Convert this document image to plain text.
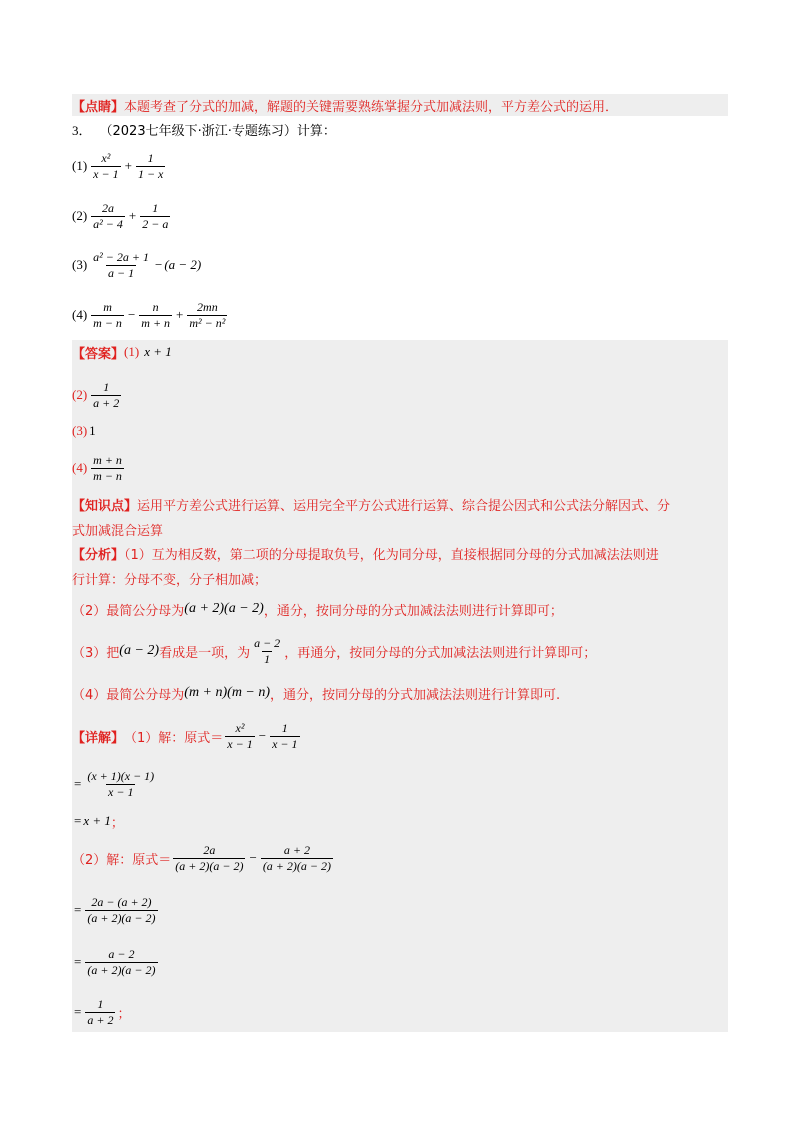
【点睛】 本题考查了分式的加减，解题的关键需要熟练掌握分式加减法则，平方差公式的运用．
3． （2023七年级下·浙江·专题练习）计算：
$(1) \frac{\text{x²}}{x - 1} + \frac{1}{1 - x}$
$(2) \frac{2a}{\text{a² − 4}} + \frac{1}{2 - a}$
$(3) \frac{\text{a² − 2a + 1}}{a - 1} - (a - 2)$
$(4) \frac{m}{m - n} - \frac{n}{m + n} + \frac{2mn}{\text{m² − n²}}$
【答案】 (1) x + 1
$(2) \frac{1}{a + 2}$
(3) 1
$(4) \frac{m + n}{m - n}$
【知识点】运用平方差公式进行运算、运用完全平方公式进行运算、综合提公因式和公式法分解因式、分
式加减混合运算
【分析】（1）互为相反数，第二项的分母提取负号，化为同分母，直接根据同分母的分式加减法法则进
行计算：分母不变，分子相加减；
（2）最简公分母为 (a + 2)(a − 2) ，通分，按同分母的分式加减法法则进行计算即可；
（3）把 (a − 2) 看成是一项，为 $\frac{a - 2}{1}$ ，再通分，按同分母的分式加减法法则进行计算即可；
（4）最简公分母为 (m + n)(m − n) ，通分，按同分母的分式加减法法则进行计算即可.
【详解】 （1）解：原式＝ $\frac{\text{x²}}{x - 1} - \frac{1}{x - 1}$
= $\frac{(x + 1)(x - 1)}{x - 1}$
= x + 1 ；
（2）解：原式＝ $\frac{2a}{(a + 2)(a - 2)} - \frac{a + 2}{(a + 2)(a - 2)}$
= $\frac{2a - (a + 2)}{(a + 2)(a - 2)}$
= $\frac{a - 2}{(a + 2)(a - 2)}$
= $\frac{1}{a + 2}$ ；
